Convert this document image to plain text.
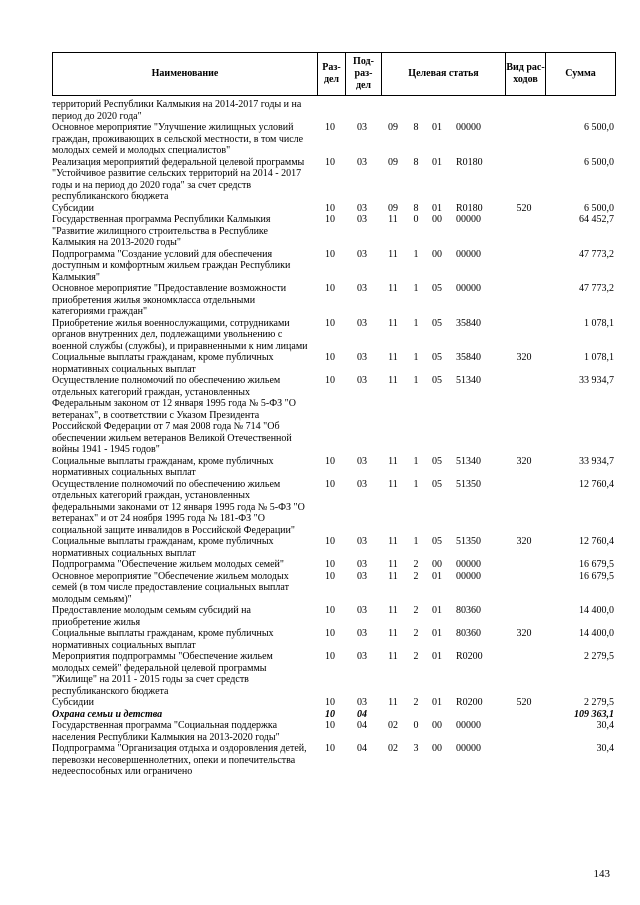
Наименование
Раз- дел
Под- раз- дел
Целевая статья
Вид рас- ходов
Сумма
территорий Республики Калмыкия на 2014-2017 годы и на период до 2020 года"
Основное мероприятие "Улучшение жилищных условий граждан, проживающих в сельской местности, в том числе молодых семей и молодых специалистов"
10	03	09	8	01	00000	6 500,0
Реализация мероприятий федеральной целевой программы "Устойчивое развитие сельских территорий на 2014 - 2017 годы и на период до 2020 года" за счет средств республиканского бюджета
10	03	09	8	01	R0180	6 500,0
Субсидии	10	03	09	8	01	R0180	520	6 500,0
Государственная программа Республики Калмыкия "Развитие жилищного строительства в Республике Калмыкия на 2013-2020 годы"
10	03	11	0	00	00000	64 452,7
Подпрограмма "Создание условий для обеспечения доступным и комфортным жильем граждан Республики Калмыкия"
10	03	11	1	00	00000	47 773,2
Основное мероприятие "Предоставление возможности приобретения жилья экономкласса отдельными категориями граждан"
10	03	11	1	05	00000	47 773,2
Приобретение жилья военнослужащими, сотрудниками органов внутренних дел, подлежащими увольнению с военной службы (службы), и приравненными к ним лицами
10	03	11	1	05	35840	1 078,1
Социальные выплаты гражданам, кроме публичных нормативных социальных выплат
10	03	11	1	05	35840	320	1 078,1
Осуществление полномочий по обеспечению жильем отдельных категорий граждан, установленных Федеральным законом от 12 января 1995 года № 5-ФЗ "О ветеранах", в соответствии с Указом Президента Российской Федерации от 7 мая 2008 года № 714 "Об обеспечении жильем ветеранов Великой Отечественной войны 1941 - 1945 годов"
10	03	11	1	05	51340	33 934,7
Социальные выплаты гражданам, кроме публичных нормативных социальных выплат
10	03	11	1	05	51340	320	33 934,7
Осуществление полномочий по обеспечению жильем отдельных категорий граждан, установленных федеральными законами от 12 января 1995 года № 5-ФЗ "О ветеранах" и от 24 ноября 1995 года № 181-ФЗ "О социальной защите инвалидов в Российской Федерации"
10	03	11	1	05	51350	12 760,4
Социальные выплаты гражданам, кроме публичных нормативных социальных выплат
10	03	11	1	05	51350	320	12 760,4
Подпрограмма "Обеспечение жильем молодых семей"	10	03	11	2	00	00000	16 679,5
Основное мероприятие "Обеспечение жильем молодых семей (в том числе предоставление социальных выплат молодым семьям)"
10	03	11	2	01	00000	16 679,5
Предоставление молодым семьям субсидий на приобретение жилья
10	03	11	2	01	80360	14 400,0
Социальные выплаты гражданам, кроме публичных нормативных социальных выплат
10	03	11	2	01	80360	320	14 400,0
Мероприятия подпрограммы "Обеспечение жильем молодых семей" федеральной целевой программы "Жилище" на 2011 - 2015 годы за счет средств республиканского бюджета
10	03	11	2	01	R0200	2 279,5
Субсидии	10	03	11	2	01	R0200	520	2 279,5
Охрана семьи и детства	10	04	109 363,1
Государственная программа "Социальная поддержка населения Республики Калмыкия на 2013-2020 годы"
10	04	02	0	00	00000	30,4
Подпрограмма "Организация отдыха и оздоровления детей, перевозки несовершеннолетних, опеки и попечительства недееспособных или ограничено
10	04	02	3	00	00000	30,4
143
